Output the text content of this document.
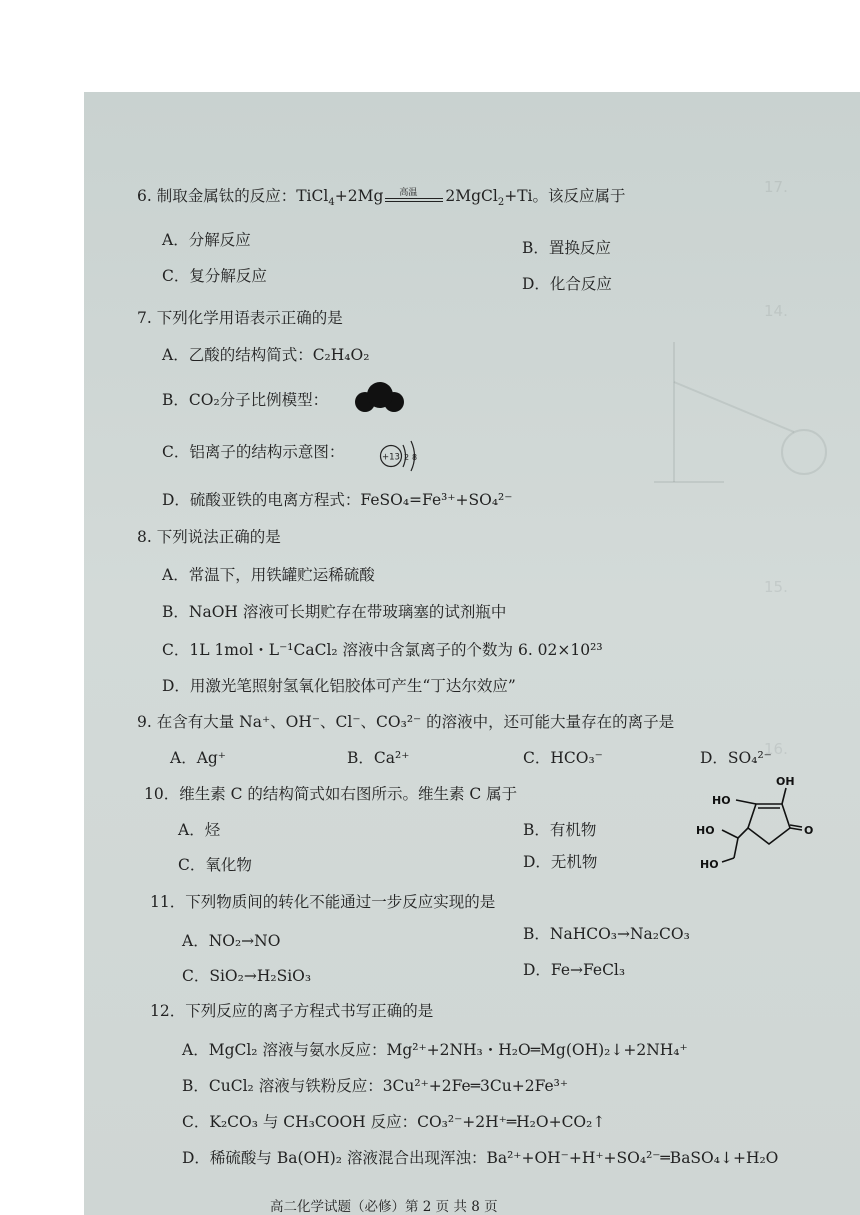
17.
14.
15.
16.
6. 制取金属钛的反应：TiCl$_4$+2Mg 高温 2MgCl$_2$+Ti。该反应属于
A．分解反应	B．置换反应
C．复分解反应	D．化合反应
7. 下列化学用语表示正确的是
A．乙酸的结构简式：C₂H₄O₂
B．CO₂分子比例模型：
C．铝离子的结构示意图：	+13 2 8
D．硫酸亚铁的电离方程式：FeSO₄=Fe³⁺+SO₄²⁻
8. 下列说法正确的是
A．常温下，用铁罐贮运稀硫酸
B．NaOH 溶液可长期贮存在带玻璃塞的试剂瓶中
C．1L 1mol・L⁻¹CaCl₂ 溶液中含氯离子的个数为 6. 02×10²³
D．用激光笔照射氢氧化铝胶体可产生“丁达尔效应”
9. 在含有大量 Na⁺、OH⁻、Cl⁻、CO₃²⁻ 的溶液中，还可能大量存在的离子是
A．Ag⁺	B．Ca²⁺	C．HCO₃⁻	D．SO₄²⁻
10．维生素 C 的结构简式如右图所示。维生素 C 属于
A．烃	B．有机物
C．氧化物	D．无机物
OH
HO
HO
HO
O
11．下列物质间的转化不能通过一步反应实现的是
A．NO₂→NO	B．NaHCO₃→Na₂CO₃
C．SiO₂→H₂SiO₃	D．Fe→FeCl₃
12．下列反应的离子方程式书写正确的是
A．MgCl₂ 溶液与氨水反应：Mg²⁺+2NH₃・H₂O═Mg(OH)₂↓+2NH₄⁺
B．CuCl₂ 溶液与铁粉反应：3Cu²⁺+2Fe═3Cu+2Fe³⁺
C．K₂CO₃ 与 CH₃COOH 反应：CO₃²⁻+2H⁺═H₂O+CO₂↑
D．稀硫酸与 Ba(OH)₂ 溶液混合出现浑浊：Ba²⁺+OH⁻+H⁺+SO₄²⁻═BaSO₄↓+H₂O
高二化学试题（必修）第 2 页 共 8 页
